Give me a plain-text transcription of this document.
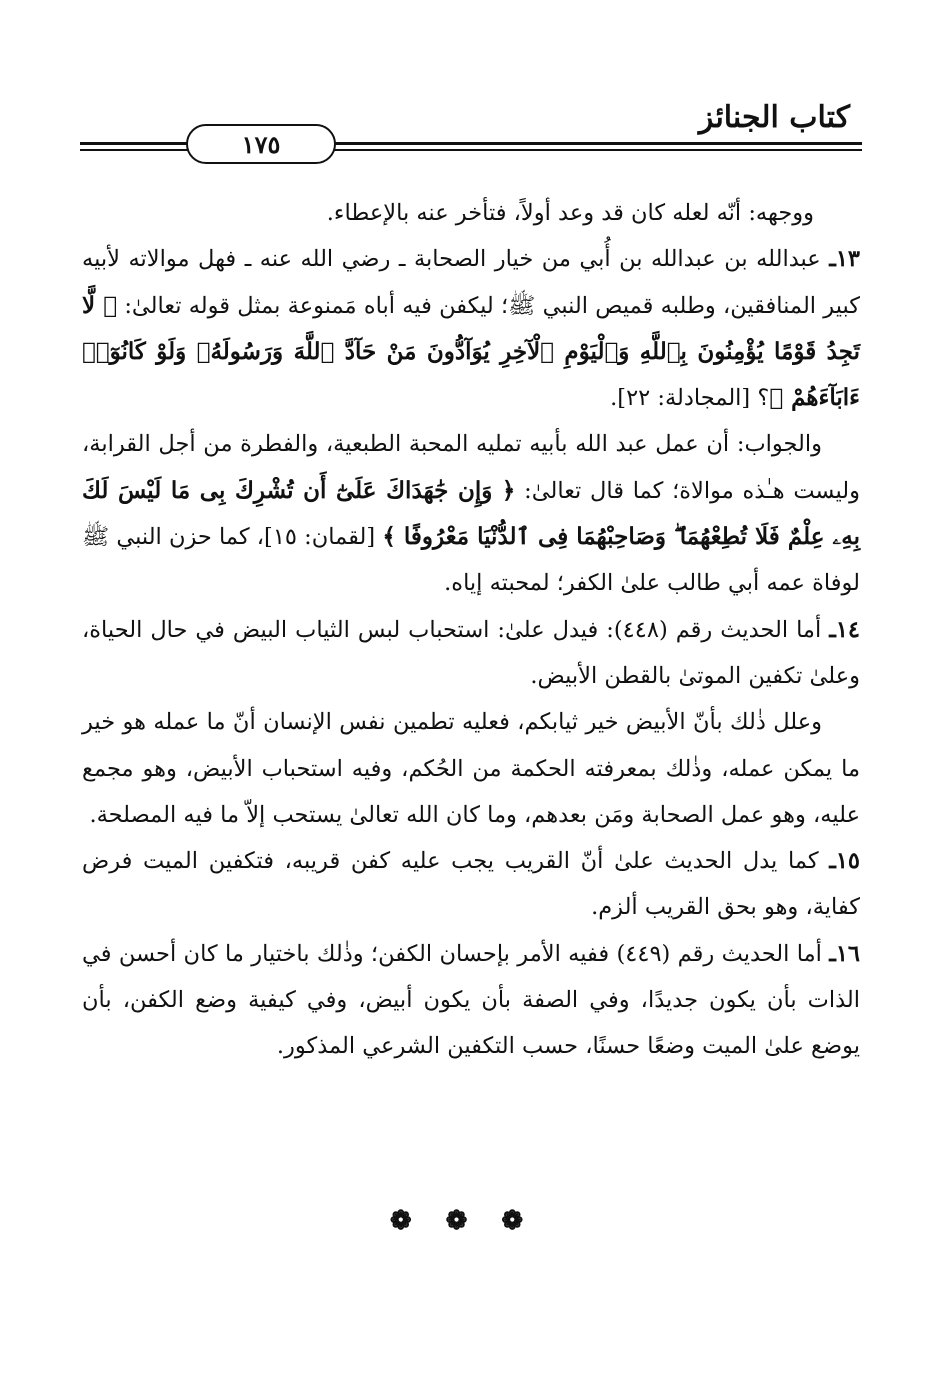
كتاب الجنائز
١٧٥

ووجهه: أنّه لعله كان قد وعد أولاً، فتأخر عنه بالإعطاء.

١٣ـ عبدالله بن عبدالله بن أُبي من خيار الصحابة ـ رضي الله عنه ـ فهل موالاته لأبيه كبير المنافقين، وطلبه قميص النبي ﷺ؛ ليكفن فيه أباه مَمنوعة بمثل قوله تعالىٰ: ﴿ لَّا تَجِدُ قَوْمًا يُؤْمِنُونَ بِٱللَّهِ وَٱلْيَوْمِ ٱلْآخِرِ يُوَآدُّونَ مَنْ حَآدَّ ٱللَّهَ وَرَسُولَهُۥ وَلَوْ كَانُوٓا۟ ءَابَآءَهُمْ ﴾؟ [المجادلة: ٢٢].

والجواب: أن عمل عبد الله بأبيه تمليه المحبة الطبعية، والفطرة من أجل القرابة، وليست هـٰذه موالاة؛ كما قال تعالىٰ: ﴿ وَإِن جَٰهَدَاكَ عَلَىٰٓ أَن تُشْرِكَ بِى مَا لَيْسَ لَكَ بِهِۦ عِلْمٌ فَلَا تُطِعْهُمَا ۖ وَصَاحِبْهُمَا فِى ٱلدُّنْيَا مَعْرُوفًا ﴾ [لقمان: ١٥]، كما حزن النبي ﷺ لوفاة عمه أبي طالب علىٰ الكفر؛ لمحبته إياه.

١٤ـ أما الحديث رقم (٤٤٨): فيدل علىٰ: استحباب لبس الثياب البيض في حال الحياة، وعلىٰ تكفين الموتىٰ بالقطن الأبيض.

وعلل ذٰلك بأنّ الأبيض خير ثيابكم، فعليه تطمين نفس الإنسان أنّ ما عمله هو خير ما يمكن عمله، وذٰلك بمعرفته الحكمة من الحُكم، وفيه استحباب الأبيض، وهو مجمع عليه، وهو عمل الصحابة ومَن بعدهم، وما كان الله تعالىٰ يستحب إلاّ ما فيه المصلحة.

١٥ـ كما يدل الحديث علىٰ أنّ القريب يجب عليه كفن قريبه، فتكفين الميت فرض كفاية، وهو بحق القريب ألزم.

١٦ـ أما الحديث رقم (٤٤٩) ففيه الأمر بإحسان الكفن؛ وذٰلك باختيار ما كان أحسن في الذات بأن يكون جديدًا، وفي الصفة بأن يكون أبيض، وفي كيفية وضع الكفن، بأن يوضع علىٰ الميت وضعًا حسنًا، حسب التكفين الشرعي المذكور.

❁❁❁
